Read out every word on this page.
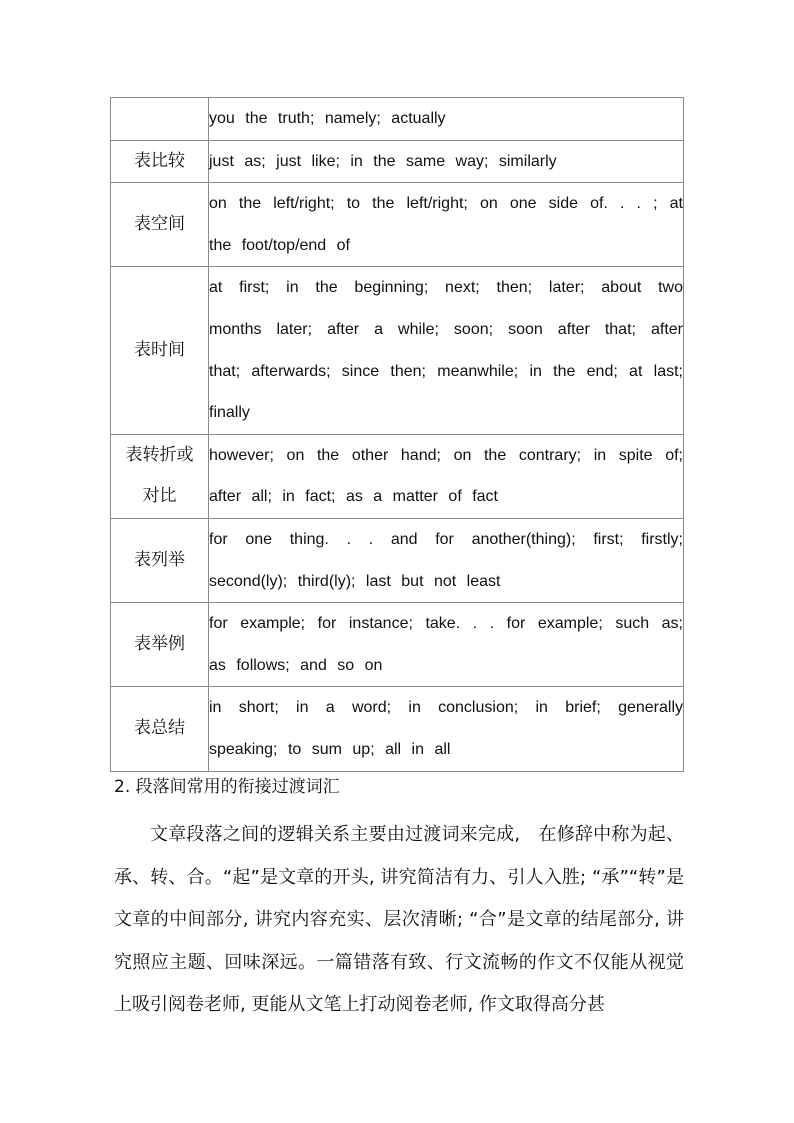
	you the truth; namely; actually
表比较	just as; just like; in the same way; similarly
表空间	on the left/right; to the left/right; on one side of. . . ; at the foot/top/end of
表时间	at first; in the beginning; next; then; later; about two months later; after a while; soon; soon after that; after that; afterwards; since then; meanwhile; in the end; at last; finally
表转折或对比	however; on the other hand; on the contrary; in spite of; after all; in fact; as a matter of fact
表列举	for one thing. . . and for another(thing); first; firstly; second(ly); third(ly); last but not least
表举例	for example; for instance; take. . . for example; such as; as follows; and so on
表总结	in short; in a word; in conclusion; in brief; generally speaking; to sum up; all in all
2. 段落间常用的衔接过渡词汇

文章段落之间的逻辑关系主要由过渡词来完成,　在修辞中称为起、承、转、合。“起”是文章的开头, 讲究简洁有力、引人入胜; “承”“转”是文章的中间部分, 讲究内容充实、层次清晰; “合”是文章的结尾部分, 讲究照应主题、回味深远。一篇错落有致、行文流畅的作文不仅能从视觉上吸引阅卷老师, 更能从文笔上打动阅卷老师, 作文取得高分甚
